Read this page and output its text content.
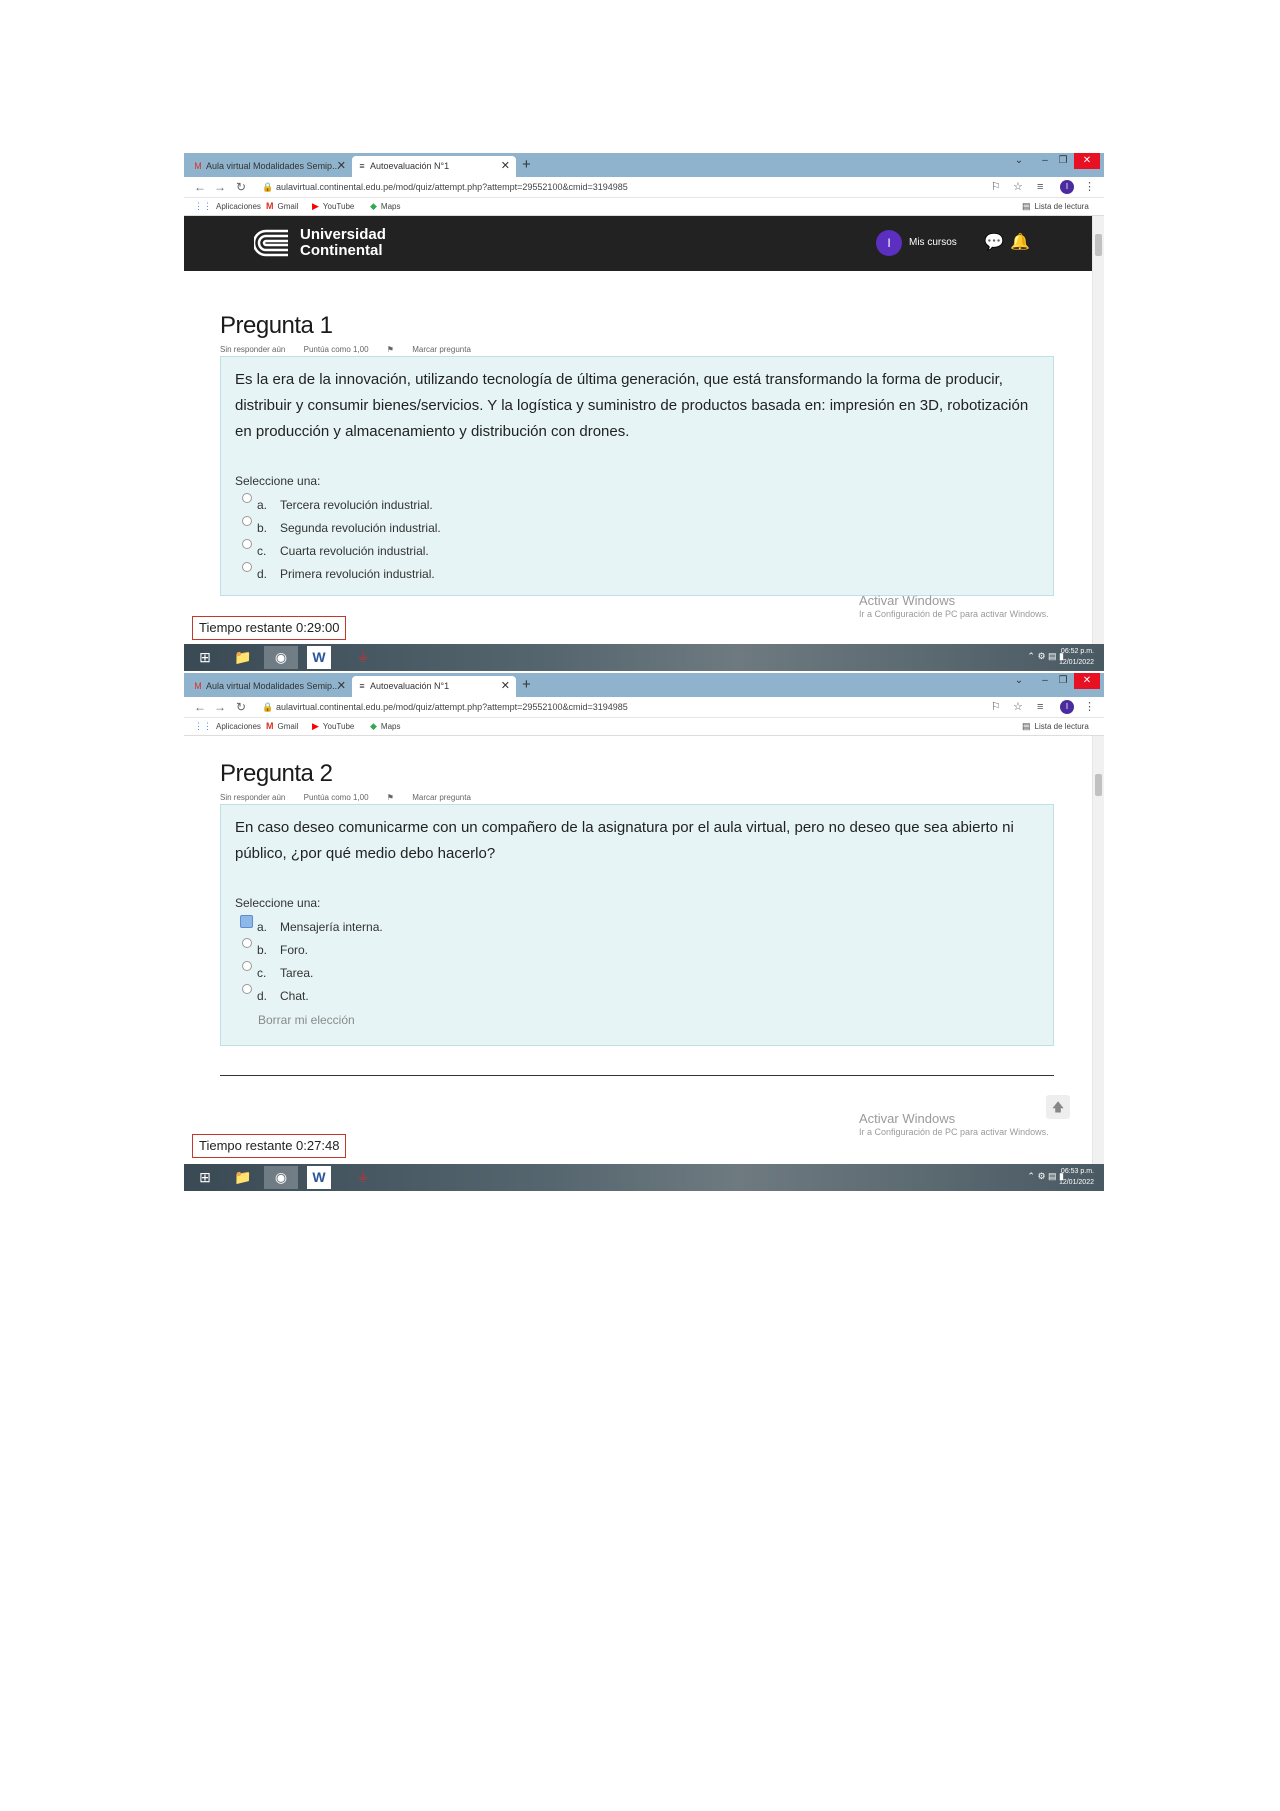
M Aula virtual Modalidades Semip...
✕ ≡ Autoevaluación N°1	✕ +	⌄	–	❐	✕
← → ↻ 🔒 aulavirtual.continental.edu.pe/mod/quiz/attempt.php?attempt=29552100&cmid=3194985	⚐ ☆ ≡	I	⋮
⋮⋮ Aplicaciones M Gmail ▶ YouTube ◆ Maps	▤ Lista de lectura
Universidad
Continental	I	Mis cursos 💬 🔔
Pregunta 1
Sin responder aún Puntúa como 1,00 ⚑ Marcar pregunta
Es la era de la innovación, utilizando tecnología de última generación, que está transformando la forma de producir, distribuir y consumir bienes/servicios. Y la logística y suministro de productos basada en: impresión en 3D, robotización en producción y almacenamiento y distribución con drones.
Seleccione una:
a.	Tercera revolución industrial.
b.	Segunda revolución industrial.
c.	Cuarta revolución industrial.
d.	Primera revolución industrial.
Activar Windows
Ir a Configuración de PC para activar Windows.
Tiempo restante 0:29:00
⊞	📁	◉	W	⏚	⌃ ⚙ ▤ ▮
06:52 p.m.
12/01/2022
M Aula virtual Modalidades Semip...
✕ ≡ Autoevaluación N°1	✕ +	⌄	–	❐	✕
← → ↻ 🔒 aulavirtual.continental.edu.pe/mod/quiz/attempt.php?attempt=29552100&cmid=3194985	⚐ ☆ ≡	I	⋮
⋮⋮ Aplicaciones M Gmail ▶ YouTube ◆ Maps	▤ Lista de lectura
Pregunta 2
Sin responder aún Puntúa como 1,00 ⚑ Marcar pregunta
En caso deseo comunicarme con un compañero de la asignatura por el aula virtual, pero no deseo que sea abierto ni público, ¿por qué medio debo hacerlo?
Seleccione una:
a.	Mensajería interna.
b.	Foro.
c.	Tarea.
d.	Chat.
Borrar mi elección
🡅
Activar Windows
Ir a Configuración de PC para activar Windows.
Tiempo restante 0:27:48
⊞	📁	◉	W	⏚	⌃ ⚙ ▤ ▮
06:53 p.m.
12/01/2022
